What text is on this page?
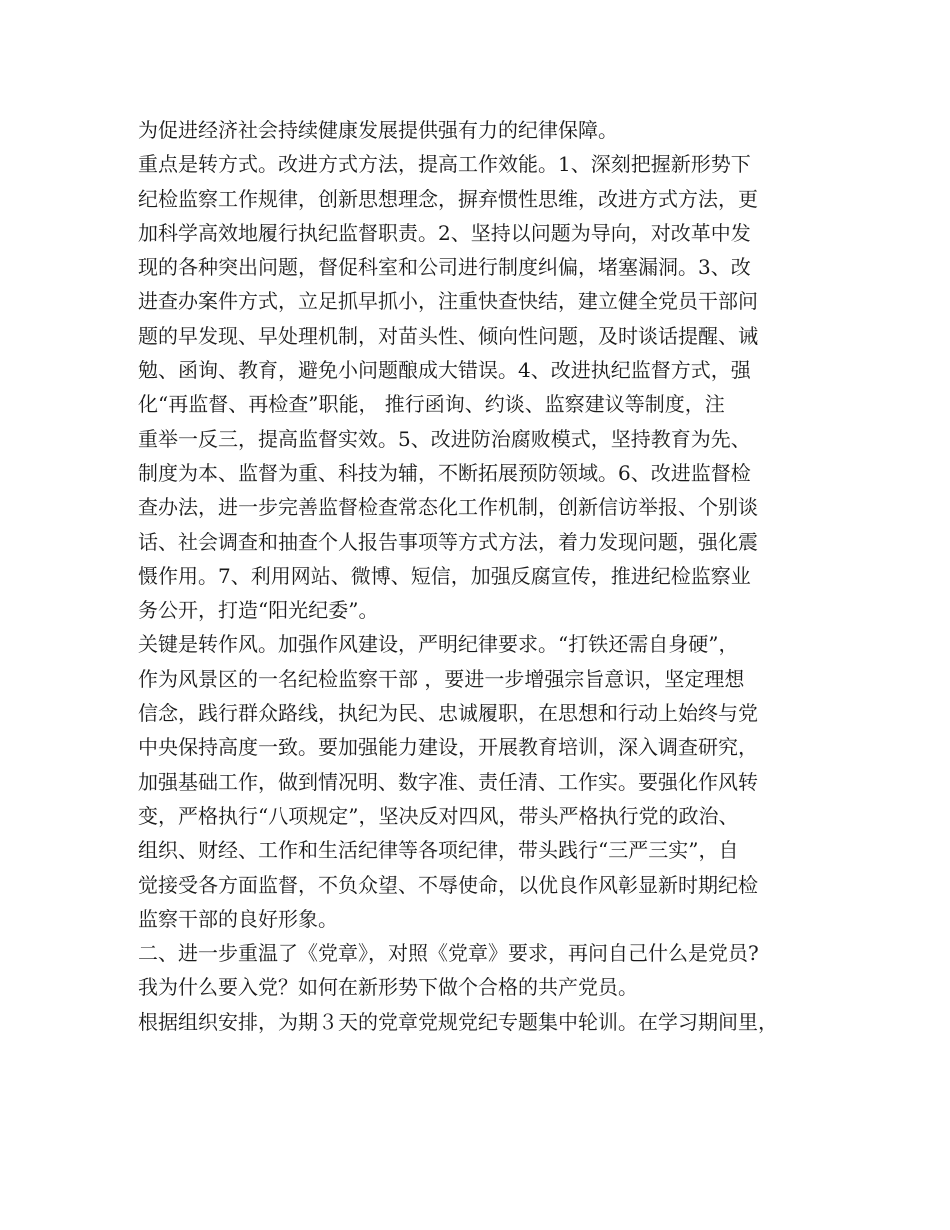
为促进经济社会持续健康发展提供强有力的纪律保障。
重点是转方式。改进方式方法，提高工作效能。1、深刻把握新形势下
纪检监察工作规律，创新思想理念，摒弃惯性思维，改进方式方法，更
加科学高效地履行执纪监督职责。2、坚持以问题为导向，对改革中发
现的各种突出问题，督促科室和公司进行制度纠偏，堵塞漏洞。3、改
进查办案件方式，立足抓早抓小，注重快查快结，建立健全党员干部问
题的早发现、早处理机制，对苗头性、倾向性问题，及时谈话提醒、诫
勉、函询、教育，避免小问题酿成大错误。4、改进执纪监督方式，强
化“再监督、再检查”职能， 推行函询、约谈、监察建议等制度，注
重举一反三，提高监督实效。5、改进防治腐败模式，坚持教育为先、
制度为本、监督为重、科技为辅，不断拓展预防领域。6、改进监督检
查办法，进一步完善监督检查常态化工作机制，创新信访举报、个别谈
话、社会调查和抽查个人报告事项等方式方法，着力发现问题，强化震
慑作用。7、利用网站、微博、短信，加强反腐宣传，推进纪检监察业
务公开，打造“阳光纪委”。
关键是转作风。加强作风建设，严明纪律要求。“打铁还需自身硬”，
作为风景区的一名纪检监察干部 ，要进一步增强宗旨意识，坚定理想
信念，践行群众路线，执纪为民、忠诚履职，在思想和行动上始终与党
中央保持高度一致。要加强能力建设，开展教育培训，深入调查研究，
加强基础工作，做到情况明、数字准、责任清、工作实。要强化作风转
变，严格执行“八项规定”，坚决反对四风，带头严格执行党的政治、
组织、财经、工作和生活纪律等各项纪律，带头践行“三严三实”，自
觉接受各方面监督，不负众望、不辱使命，以优良作风彰显新时期纪检
监察干部的良好形象。
二、进一步重温了《党章》，对照《党章》要求，再问自己什么是党员?
我为什么要入党？如何在新形势下做个合格的共产党员。
根据组织安排，为期３天的党章党规党纪专题集中轮训。在学习期间里，
